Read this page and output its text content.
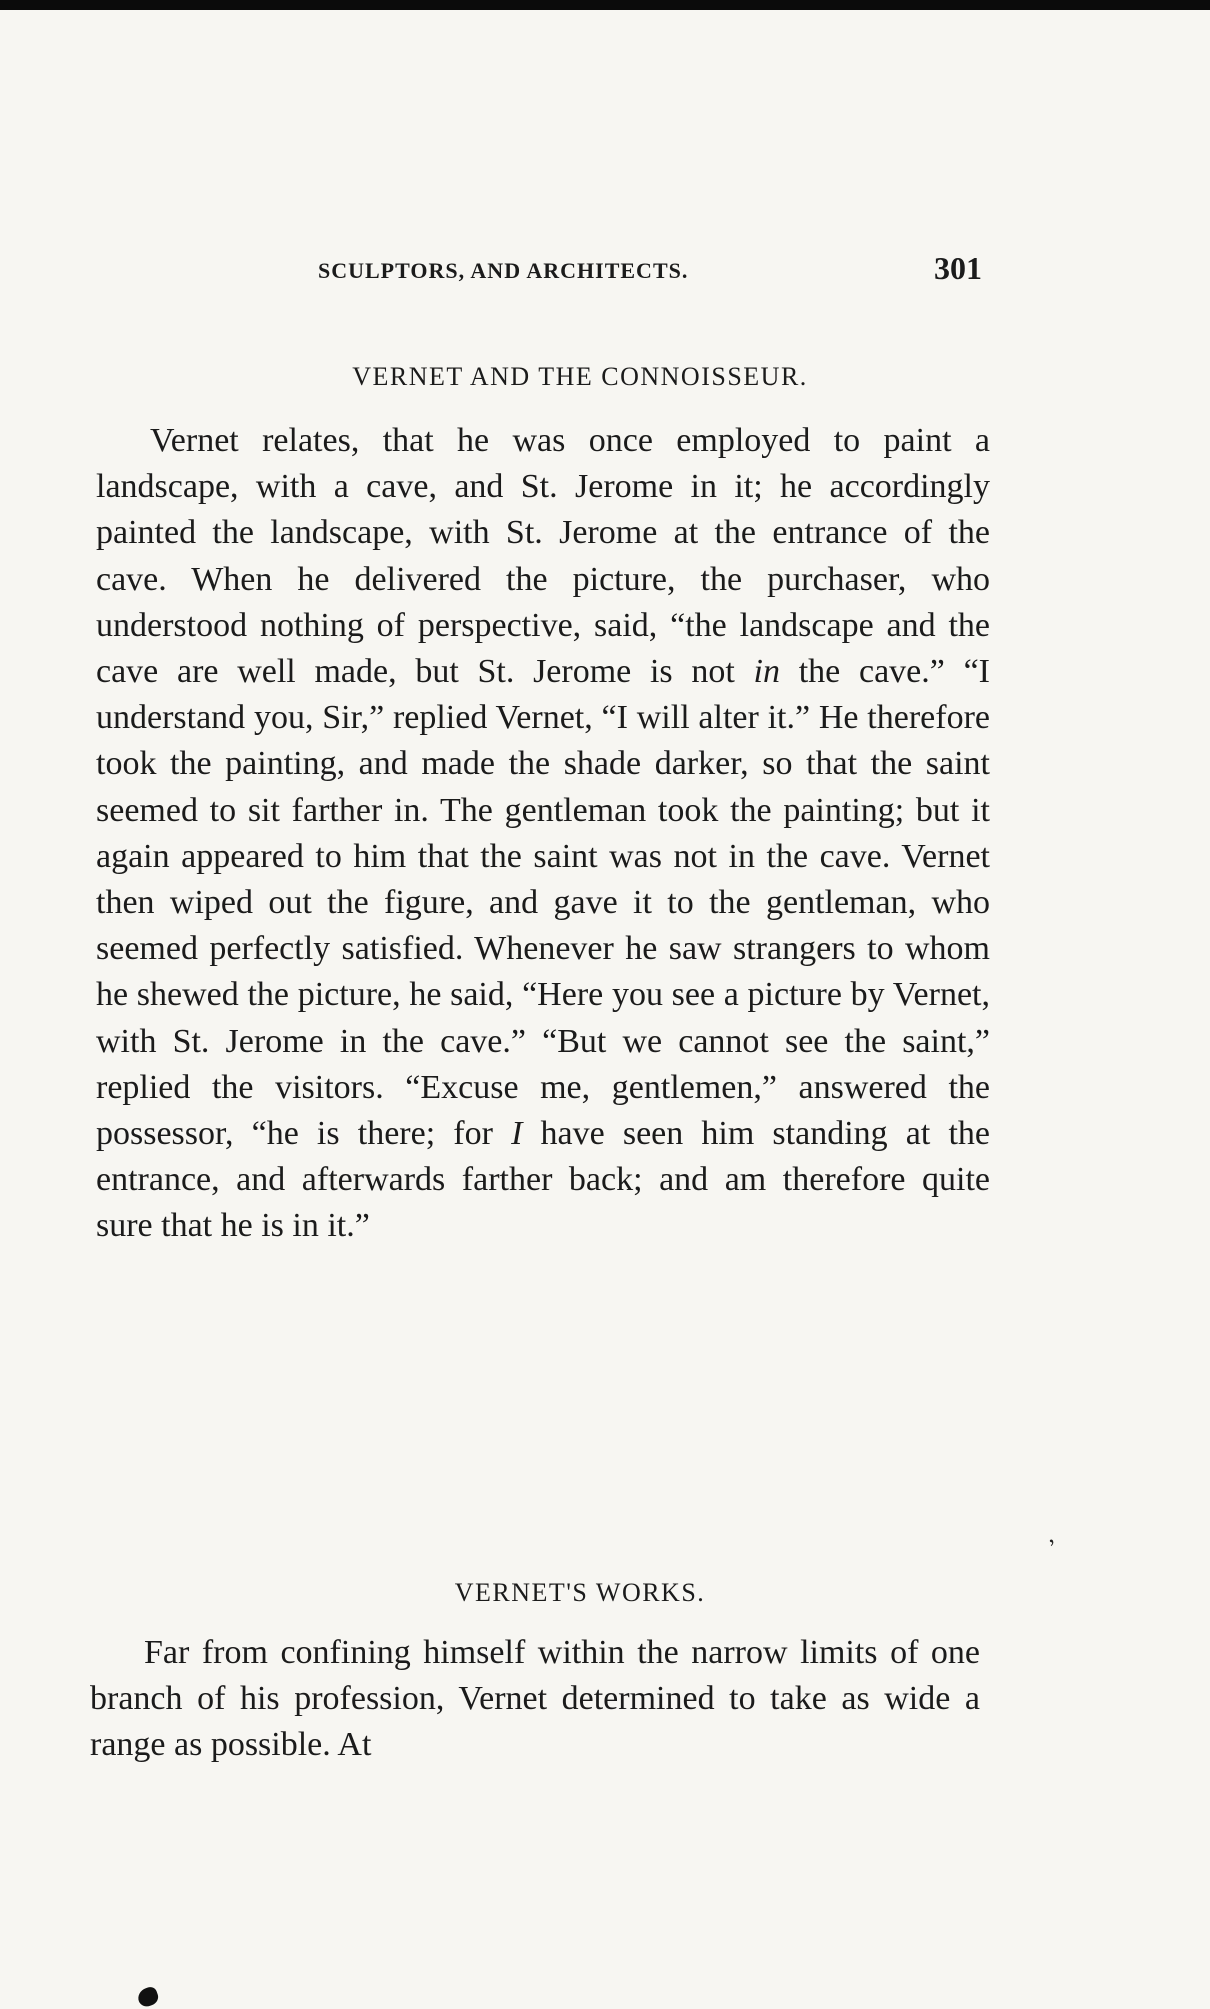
SCULPTORS, AND ARCHITECTS.	301
VERNET AND THE CONNOISSEUR.

Vernet relates, that he was once employed to paint a landscape, with a cave, and St. Jerome in it; he accordingly painted the landscape, with St. Jerome at the entrance of the cave. When he delivered the picture, the purchaser, who understood nothing of perspective, said, “the landscape and the cave are well made, but St. Jerome is not in the cave.” “I understand you, Sir,” replied Vernet, “I will alter it.” He therefore took the painting, and made the shade darker, so that the saint seemed to sit farther in. The gentleman took the painting; but it again appeared to him that the saint was not in the cave. Vernet then wiped out the figure, and gave it to the gentleman, who seemed perfectly satisfied. Whenever he saw strangers to whom he shewed the picture, he said, “Here you see a picture by Vernet, with St. Jerome in the cave.” “But we cannot see the saint,” replied the visitors. “Excuse me, gentlemen,” answered the possessor, “he is there; for I have seen him standing at the entrance, and afterwards farther back; and am therefore quite sure that he is in it.”

ʼ
VERNET'S WORKS.

Far from confining himself within the narrow limits of one branch of his profession, Vernet determined to take as wide a range as possible. At
